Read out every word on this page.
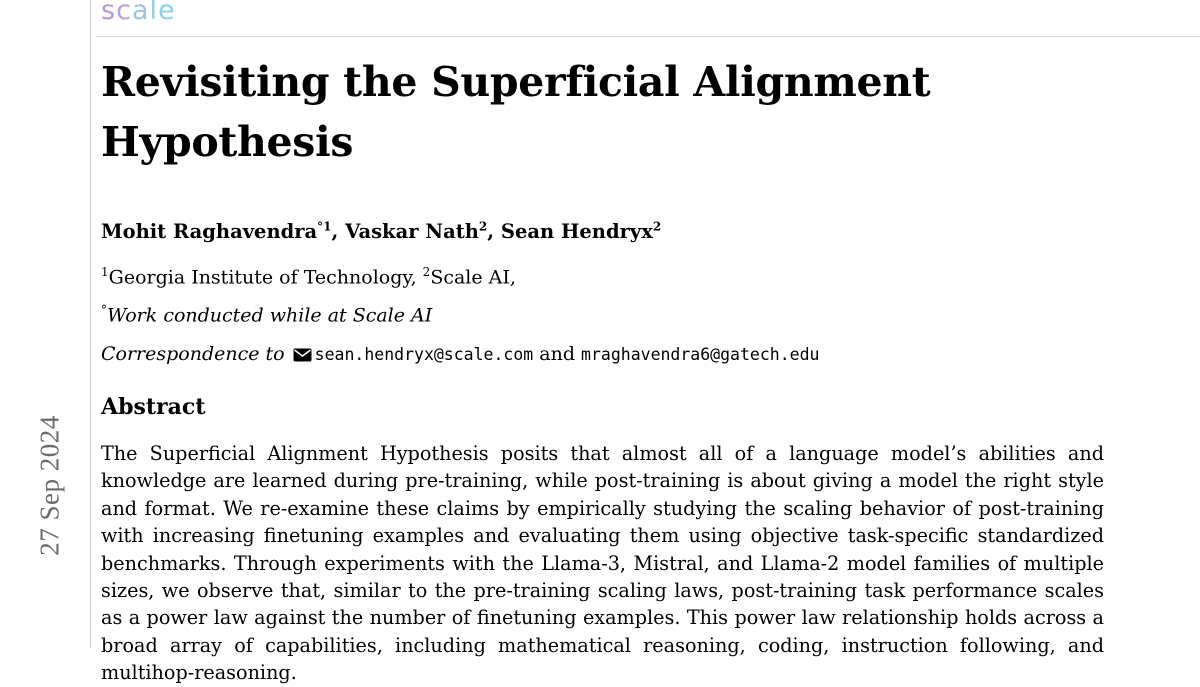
27 Sep 2024
scale
Revisiting the Superficial Alignment Hypothesis
Mohit Raghavendra$^{^\circ 1}$, Vaskar Nath$^2$, Sean Hendryx$^2$
$^1$Georgia Institute of Technology, $^2$Scale AI,
°Work conducted while at Scale AI
Correspondence to sean.hendryx@scale.com and mraghavendra6@gatech.edu
Abstract
The Superficial Alignment Hypothesis posits that almost all of a language model’s abilities and knowledge are learned during pre-training, while post-training is about giving a model the right style and format. We re-examine these claims by empirically studying the scaling behavior of post-training with increasing finetuning examples and evaluating them using objective task-specific standardized benchmarks. Through experiments with the Llama-3, Mistral, and Llama-2 model families of multiple sizes, we observe that, similar to the pre-training scaling laws, post-training task performance scales as a power law against the number of finetuning examples. This power law relationship holds across a broad array of capabilities, including mathematical reasoning, coding, instruction following, and multihop-reasoning.
